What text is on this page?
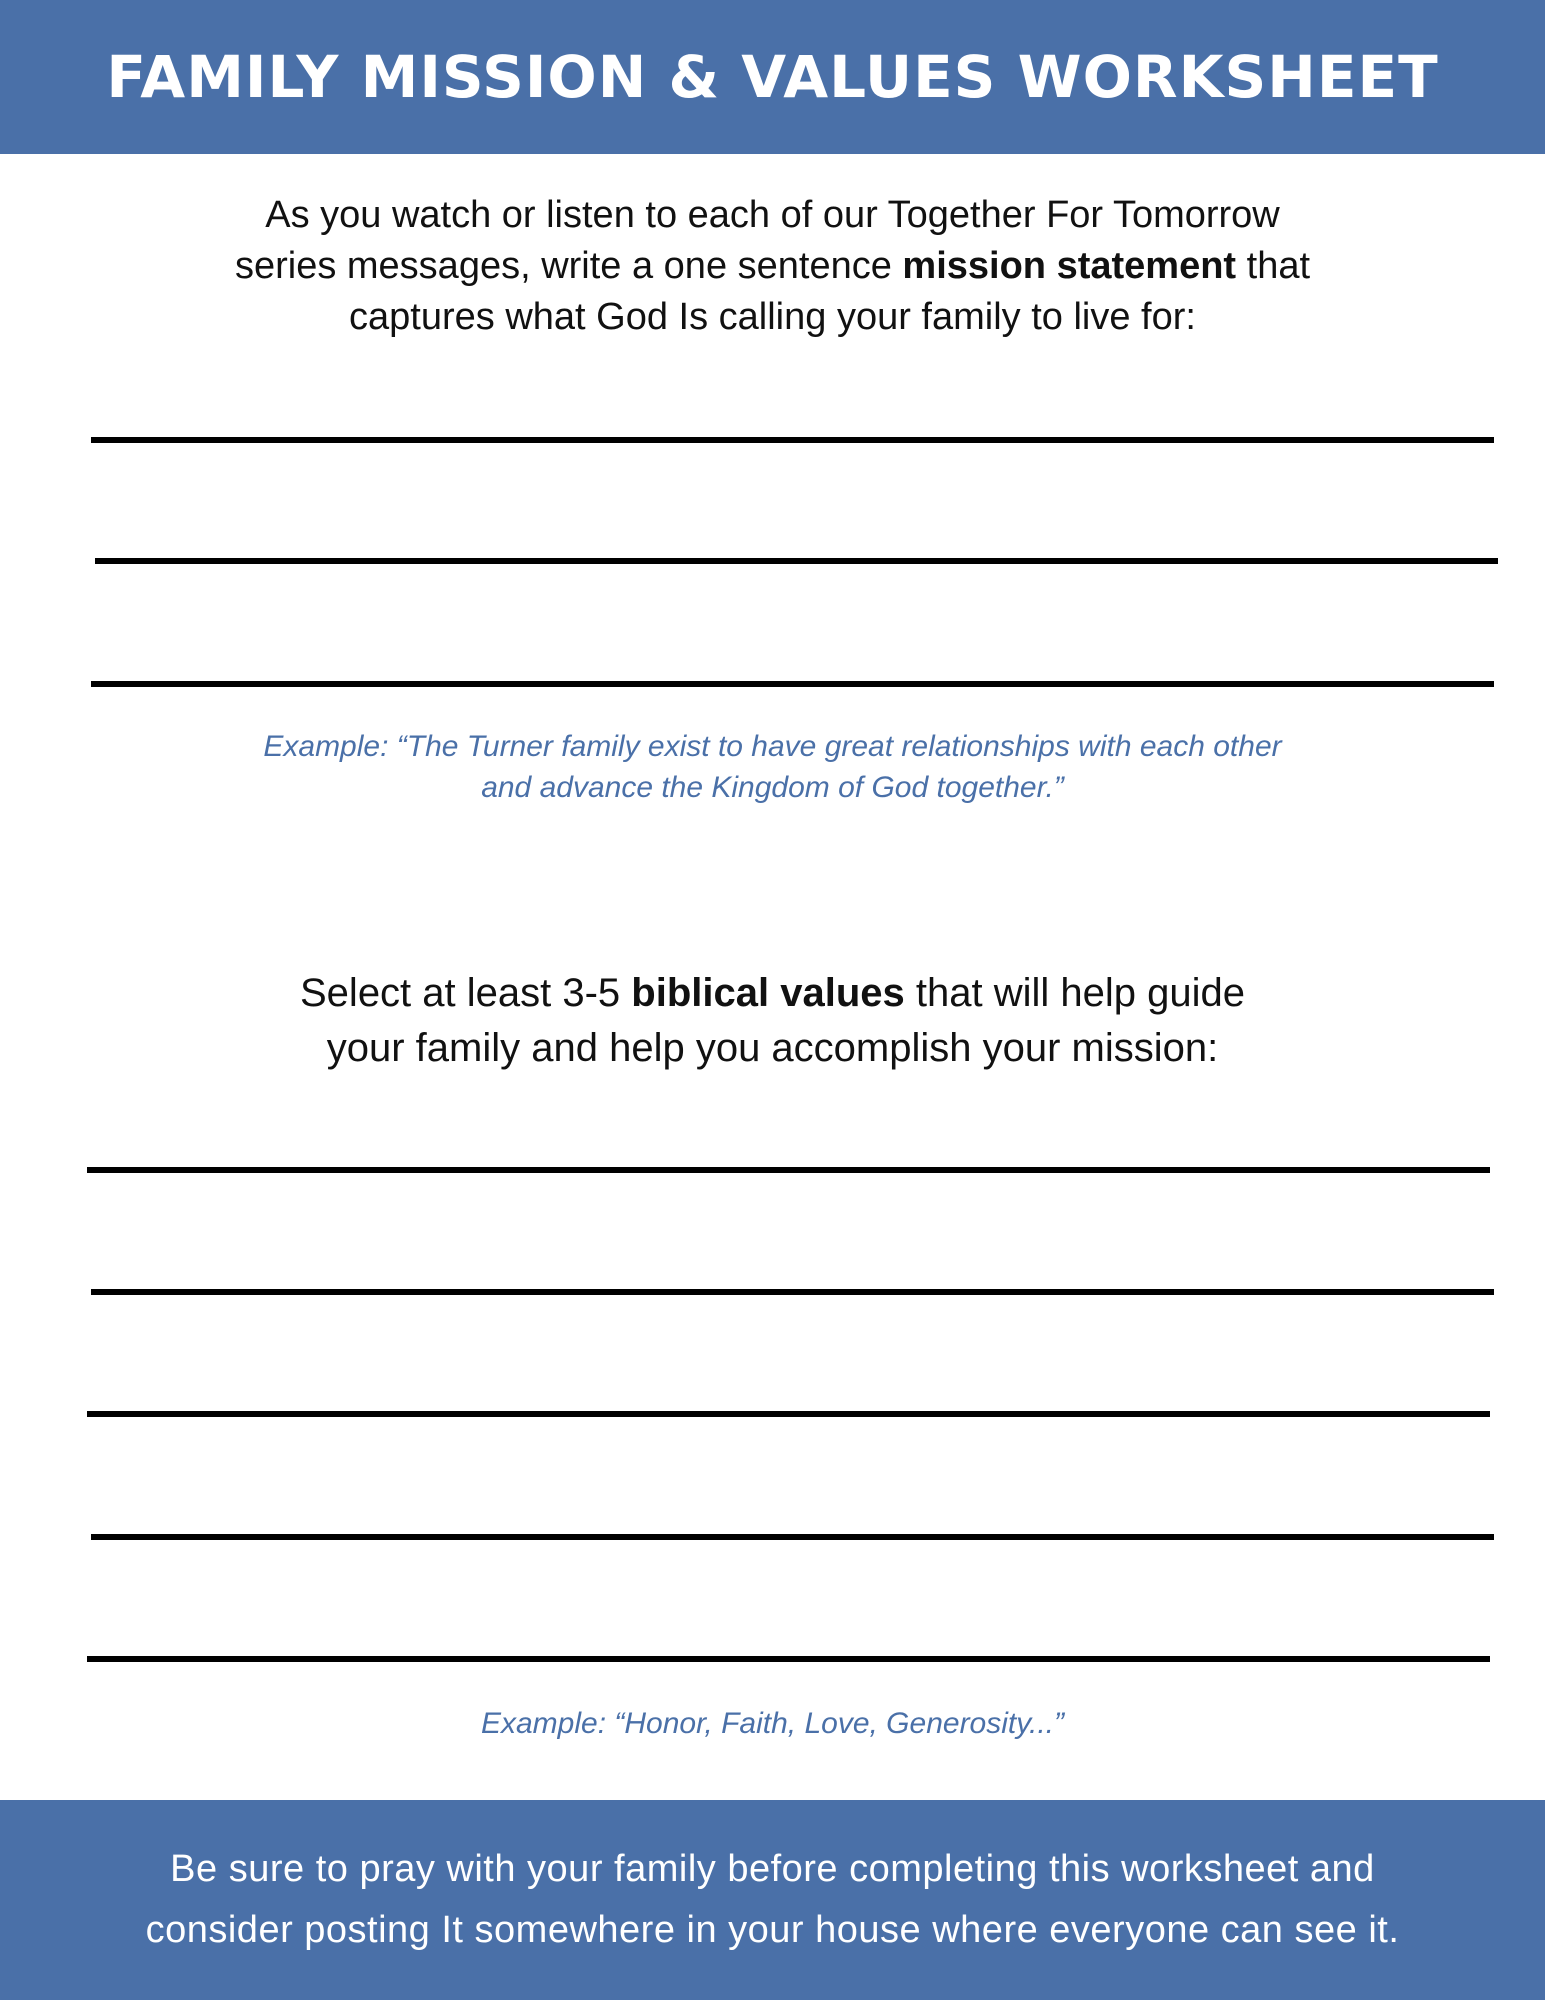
FAMILY MISSION & VALUES WORKSHEET

As you watch or listen to each of our Together For Tomorrow

series messages, write a one sentence mission statement that

captures what God Is calling your family to live for:

Example: “The Turner family exist to have great relationships with each other

and advance the Kingdom of God together.”

Select at least 3-5 biblical values that will help guide

your family and help you accomplish your mission:

Example: “Honor, Faith, Love, Generosity...”

Be sure to pray with your family before completing this worksheet and

consider posting It somewhere in your house where everyone can see it.
